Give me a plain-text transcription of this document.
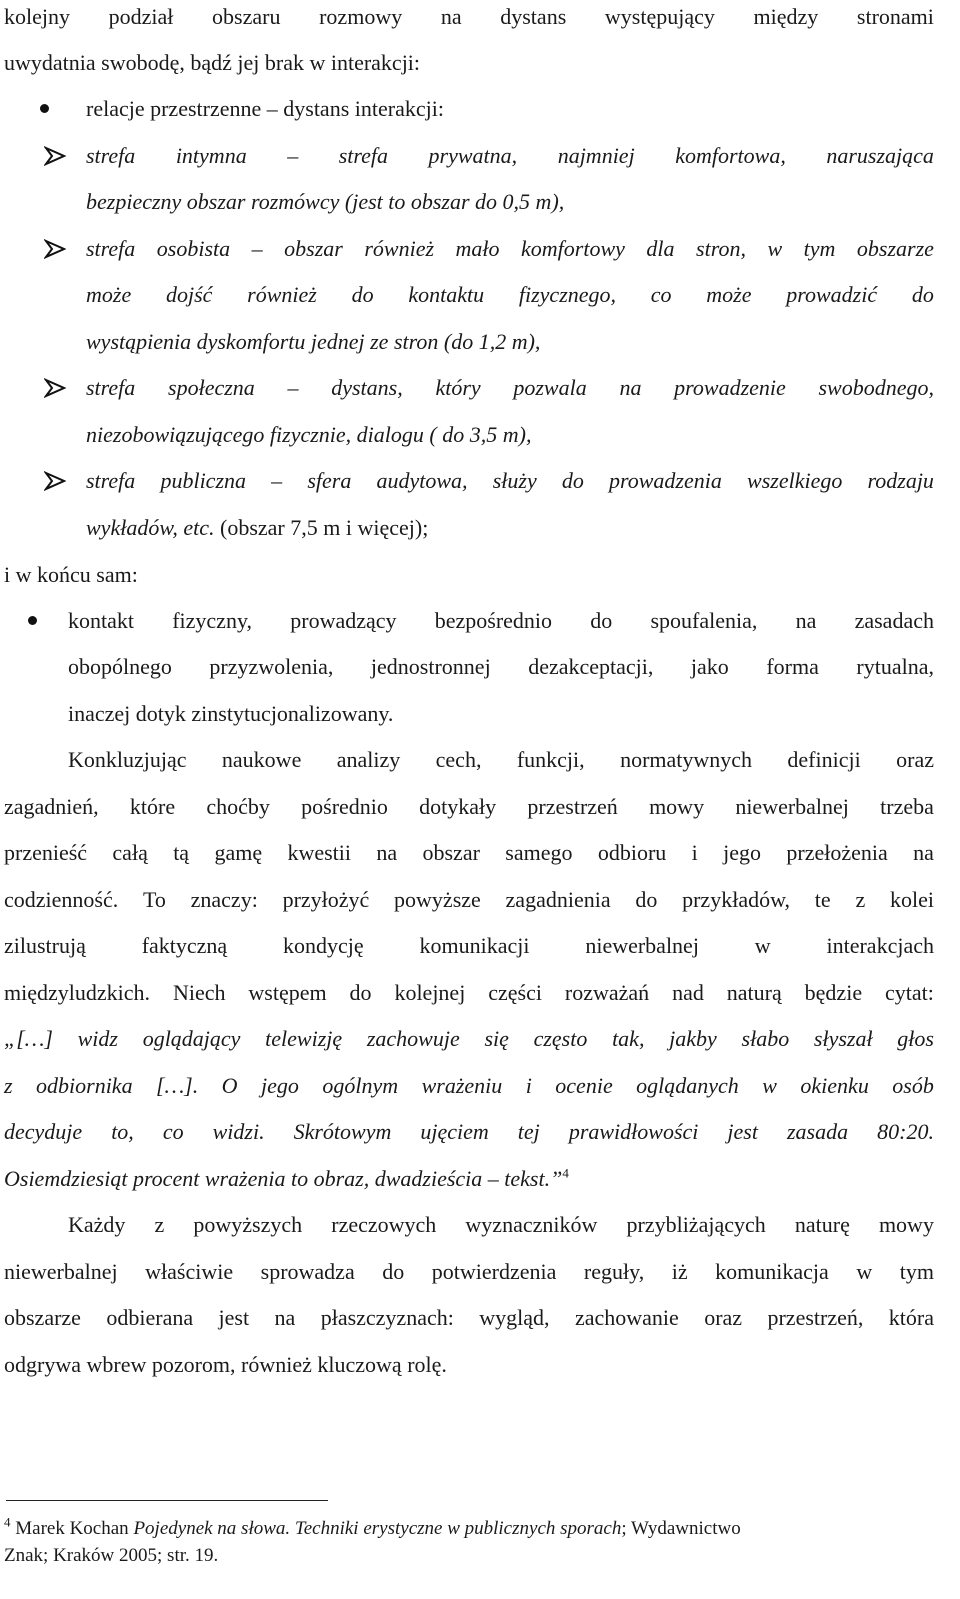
kolejny podział obszaru rozmowy na dystans występujący między stronami
uwydatnia swobodę, bądź jej brak w interakcji:
relacje przestrzenne – dystans interakcji:
strefa intymna – strefa prywatna, najmniej komfortowa, naruszająca
bezpieczny obszar rozmówcy (jest to obszar do 0,5 m),
strefa osobista – obszar również mało komfortowy dla stron, w tym obszarze
może dojść również do kontaktu fizycznego, co może prowadzić do
wystąpienia dyskomfortu jednej ze stron (do 1,2 m),
strefa społeczna – dystans, który pozwala na prowadzenie swobodnego,
niezobowiązującego fizycznie, dialogu ( do 3,5 m),
strefa publiczna – sfera audytowa, służy do prowadzenia wszelkiego rodzaju
wykładów, etc. (obszar 7,5 m i więcej);
i w końcu sam:
kontakt fizyczny, prowadzący bezpośrednio do spoufalenia, na zasadach
obopólnego przyzwolenia, jednostronnej dezakceptacji, jako forma rytualna,
inaczej dotyk zinstytucjonalizowany.
Konkluzjując naukowe analizy cech, funkcji, normatywnych definicji oraz
zagadnień, które choćby pośrednio dotykały przestrzeń mowy niewerbalnej trzeba
przenieść całą tą gamę kwestii na obszar samego odbioru i jego przełożenia na
codzienność. To znaczy: przyłożyć powyższe zagadnienia do przykładów, te z kolei
zilustrują	faktyczną	kondycję	komunikacji	niewerbalnej	w	interakcjach
międzyludzkich. Niech wstępem do kolejnej części rozważań nad naturą będzie cytat:
„[…] widz oglądający telewizję zachowuje się często tak, jakby słabo słyszał głos
z odbiornika […]. O jego ogólnym wrażeniu i ocenie oglądanych w okienku osób
decyduje to, co widzi. Skrótowym ujęciem tej prawidłowości jest zasada 80:20.
Osiemdziesiąt procent wrażenia to obraz, dwadzieścia – tekst.”$^4$
Każdy z powyższych rzeczowych wyznaczników przybliżających naturę mowy
niewerbalnej właściwie sprowadza do potwierdzenia reguły, iż komunikacja w tym
obszarze odbierana jest na płaszczyznach: wygląd, zachowanie oraz przestrzeń, która
odgrywa wbrew pozorom, również kluczową rolę.
$^4$ Marek Kochan Pojedynek na słowa. Techniki erystyczne w publicznych sporach; Wydawnictwo
Znak; Kraków 2005; str. 19.
